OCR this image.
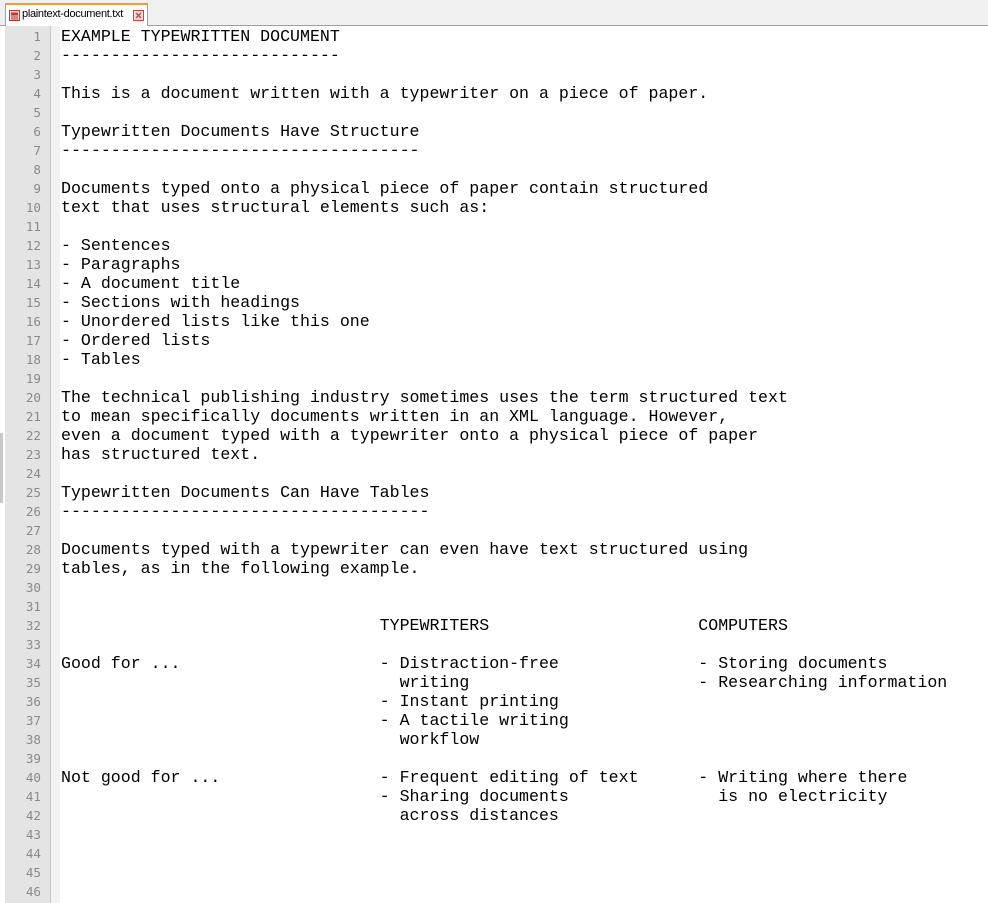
plaintext-document.txt
1 EXAMPLE TYPEWRITTEN DOCUMENT
2 ----------------------------
3
4 This is a document written with a typewriter on a piece of paper.
5
6 Typewritten Documents Have Structure
7 ------------------------------------
8
9 Documents typed onto a physical piece of paper contain structured
10 text that uses structural elements such as:
11
12 - Sentences
13 - Paragraphs
14 - A document title
15 - Sections with headings
16 - Unordered lists like this one
17 - Ordered lists
18 - Tables
19
20 The technical publishing industry sometimes uses the term structured text
21 to mean specifically documents written in an XML language. However,
22 even a document typed with a typewriter onto a physical piece of paper
23 has structured text.
24
25 Typewritten Documents Can Have Tables
26 -------------------------------------
27
28 Documents typed with a typewriter can even have text structured using
29 tables, as in the following example.
30
31
32 TYPEWRITERS                     COMPUTERS
33
34 Good for ...                    - Distraction-free              - Storing documents
35 writing                       - Researching information
36 - Instant printing
37 - A tactile writing
38 workflow
39
40 Not good for ...                - Frequent editing of text      - Writing where there
41 - Sharing documents               is no electricity
42 across distances
43
44
45
46
